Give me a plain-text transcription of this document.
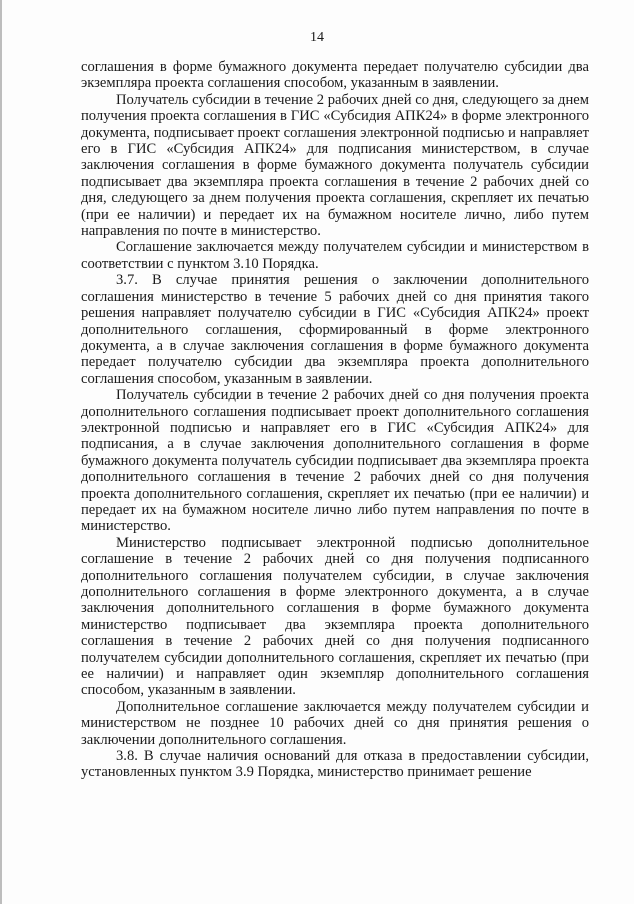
14

соглашения в форме бумажного документа передает получателю субсидии два экземпляра проекта соглашения способом, указанным в заявлении.

Получатель субсидии в течение 2 рабочих дней со дня, следующего за днем получения проекта соглашения в ГИС «Субсидия АПК24» в форме электронного документа, подписывает проект соглашения электронной подписью и направляет его в ГИС «Субсидия АПК24» для подписания министерством, в случае заключения соглашения в форме бумажного документа получатель субсидии подписывает два экземпляра проекта соглашения в течение 2 рабочих дней со дня, следующего за днем получения проекта соглашения, скрепляет их печатью (при ее наличии) и передает их на бумажном носителе лично, либо путем направления по почте в министерство.

Соглашение заключается между получателем субсидии и министерством в соответствии с пунктом 3.10 Порядка.

3.7. В случае принятия решения о заключении дополнительного соглашения министерство в течение 5 рабочих дней со дня принятия такого решения направляет получателю субсидии в ГИС «Субсидия АПК24» проект дополнительного соглашения, сформированный в форме электронного документа, а в случае заключения соглашения в форме бумажного документа передает получателю субсидии два экземпляра проекта дополнительного соглашения способом, указанным в заявлении.

Получатель субсидии в течение 2 рабочих дней со дня получения проекта дополнительного соглашения подписывает проект дополнительного соглашения электронной подписью и направляет его в ГИС «Субсидия АПК24» для подписания, а в случае заключения дополнительного соглашения в форме бумажного документа получатель субсидии подписывает два экземпляра проекта дополнительного соглашения в течение 2 рабочих дней со дня получения проекта дополнительного соглашения, скрепляет их печатью (при ее наличии) и передает их на бумажном носителе лично либо путем направления по почте в министерство.

Министерство подписывает электронной подписью дополнительное соглашение в течение 2 рабочих дней со дня получения подписанного дополнительного соглашения получателем субсидии, в случае заключения дополнительного соглашения в форме электронного документа, а в случае заключения дополнительного соглашения в форме бумажного документа министерство подписывает два экземпляра проекта дополнительного соглашения в течение 2 рабочих дней со дня получения подписанного получателем субсидии дополнительного соглашения, скрепляет их печатью (при ее наличии) и направляет один экземпляр дополнительного соглашения способом, указанным в заявлении.

Дополнительное соглашение заключается между получателем субсидии и министерством не позднее 10 рабочих дней со дня принятия решения о заключении дополнительного соглашения.

3.8. В случае наличия оснований для отказа в предоставлении субсидии, установленных пунктом 3.9 Порядка, министерство принимает решение
